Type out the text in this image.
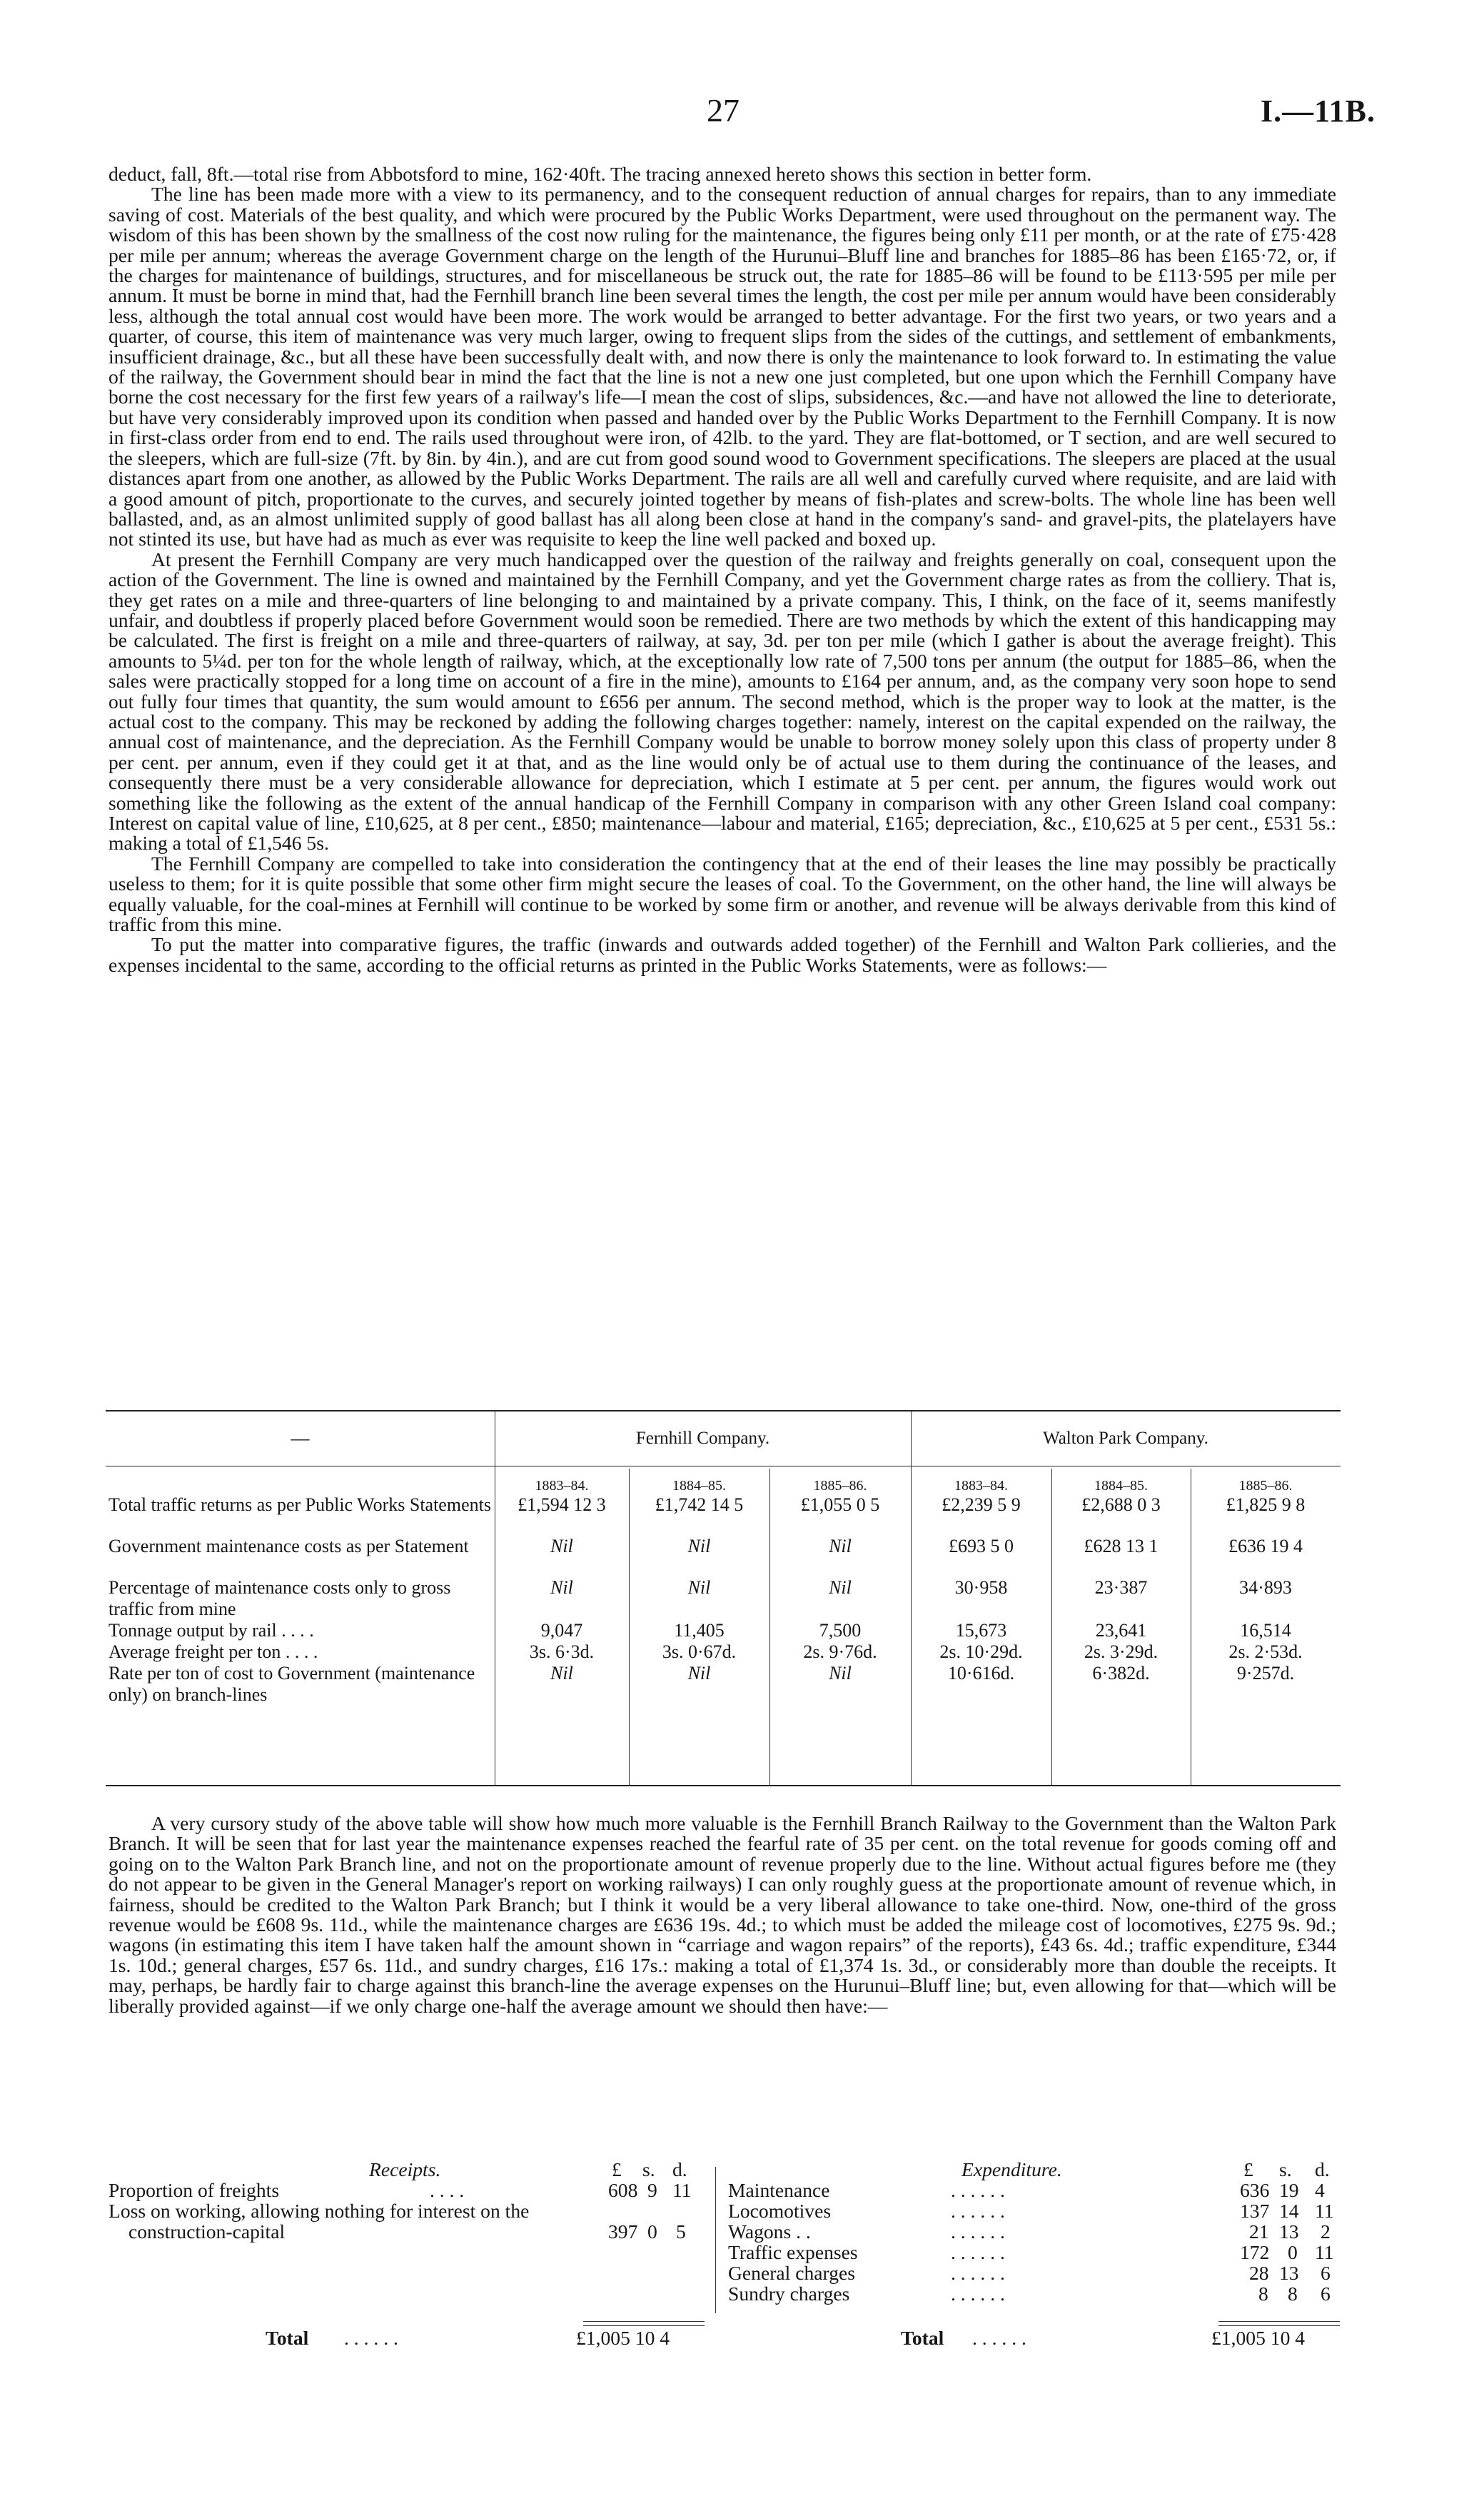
27	I.—11B.

deduct, fall, 8ft.—total rise from Abbotsford to mine, 162·40ft. The tracing annexed hereto shows this section in better form.

The line has been made more with a view to its permanency, and to the consequent reduction of annual charges for repairs, than to any immediate saving of cost. Materials of the best quality, and which were procured by the Public Works Department, were used throughout on the permanent way. The wisdom of this has been shown by the smallness of the cost now ruling for the maintenance, the figures being only £11 per month, or at the rate of £75·428 per mile per annum; whereas the average Government charge on the length of the Hurunui–Bluff line and branches for 1885–86 has been £165·72, or, if the charges for maintenance of buildings, structures, and for miscellaneous be struck out, the rate for 1885–86 will be found to be £113·595 per mile per annum. It must be borne in mind that, had the Fernhill branch line been several times the length, the cost per mile per annum would have been considerably less, although the total annual cost would have been more. The work would be arranged to better advantage. For the first two years, or two years and a quarter, of course, this item of maintenance was very much larger, owing to frequent slips from the sides of the cuttings, and settlement of embankments, insufficient drainage, &c., but all these have been successfully dealt with, and now there is only the maintenance to look forward to. In estimating the value of the railway, the Government should bear in mind the fact that the line is not a new one just completed, but one upon which the Fernhill Company have borne the cost necessary for the first few years of a railway's life—I mean the cost of slips, subsidences, &c.—and have not allowed the line to deteriorate, but have very considerably improved upon its condition when passed and handed over by the Public Works Department to the Fernhill Company. It is now in first-class order from end to end. The rails used throughout were iron, of 42lb. to the yard. They are flat-bottomed, or T section, and are well secured to the sleepers, which are full-size (7ft. by 8in. by 4in.), and are cut from good sound wood to Government specifications. The sleepers are placed at the usual distances apart from one another, as allowed by the Public Works Department. The rails are all well and carefully curved where requisite, and are laid with a good amount of pitch, proportionate to the curves, and securely jointed together by means of fish-plates and screw-bolts. The whole line has been well ballasted, and, as an almost unlimited supply of good ballast has all along been close at hand in the company's sand- and gravel-pits, the platelayers have not stinted its use, but have had as much as ever was requisite to keep the line well packed and boxed up.

At present the Fernhill Company are very much handicapped over the question of the railway and freights generally on coal, consequent upon the action of the Government. The line is owned and maintained by the Fernhill Company, and yet the Government charge rates as from the colliery. That is, they get rates on a mile and three-quarters of line belonging to and maintained by a private company. This, I think, on the face of it, seems manifestly unfair, and doubtless if properly placed before Government would soon be remedied. There are two methods by which the extent of this handicapping may be calculated. The first is freight on a mile and three-quarters of railway, at say, 3d. per ton per mile (which I gather is about the average freight). This amounts to 5¼d. per ton for the whole length of railway, which, at the exceptionally low rate of 7,500 tons per annum (the output for 1885–86, when the sales were practically stopped for a long time on account of a fire in the mine), amounts to £164 per annum, and, as the company very soon hope to send out fully four times that quantity, the sum would amount to £656 per annum. The second method, which is the proper way to look at the matter, is the actual cost to the company. This may be reckoned by adding the following charges together: namely, interest on the capital expended on the railway, the annual cost of maintenance, and the depreciation. As the Fernhill Company would be unable to borrow money solely upon this class of property under 8 per cent. per annum, even if they could get it at that, and as the line would only be of actual use to them during the continuance of the leases, and consequently there must be a very considerable allowance for depreciation, which I estimate at 5 per cent. per annum, the figures would work out something like the following as the extent of the annual handicap of the Fernhill Company in comparison with any other Green Island coal company: Interest on capital value of line, £10,625, at 8 per cent., £850; maintenance—labour and material, £165; depreciation, &c., £10,625 at 5 per cent., £531 5s.: making a total of £1,546 5s.

The Fernhill Company are compelled to take into consideration the contingency that at the end of their leases the line may possibly be practically useless to them; for it is quite possible that some other firm might secure the leases of coal. To the Government, on the other hand, the line will always be equally valuable, for the coal-mines at Fernhill will continue to be worked by some firm or another, and revenue will be always derivable from this kind of traffic from this mine.

To put the matter into comparative figures, the traffic (inwards and outwards added together) of the Fernhill and Walton Park collieries, and the expenses incidental to the same, according to the official returns as printed in the Public Works Statements, were as follows:—

—	Fernhill Company.			Walton Park Company.		
	1883–84.	1884–85.	1885–86.	1883–84.	1884–85.	1885–86.
Total traffic returns as per Public Works Statements	£1,594 12 3	£1,742 14 5	£1,055 0 5	£2,239 5 9	£2,688 0 3	£1,825 9 8
Government maintenance costs as per Statement	Nil	Nil	Nil	£693 5 0	£628 13 1	£636 19 4
Percentage of maintenance costs only to gross traffic from mine	Nil	Nil	Nil	30·958	23·387	34·893
Tonnage output by rail . . . .	9,047	11,405	7,500	15,673	23,641	16,514
Average freight per ton . . . .	3s. 6·3d.	3s. 0·67d.	2s. 9·76d.	2s. 10·29d.	2s. 3·29d.	2s. 2·53d.
Rate per ton of cost to Government (maintenance only) on branch-lines	Nil	Nil	Nil	10·616d.	6·382d.	9·257d.

A very cursory study of the above table will show how much more valuable is the Fernhill Branch Railway to the Government than the Walton Park Branch. It will be seen that for last year the maintenance expenses reached the fearful rate of 35 per cent. on the total revenue for goods coming off and going on to the Walton Park Branch line, and not on the proportionate amount of revenue properly due to the line. Without actual figures before me (they do not appear to be given in the General Manager's report on working railways) I can only roughly guess at the proportionate amount of revenue which, in fairness, should be credited to the Walton Park Branch; but I think it would be a very liberal allowance to take one-third. Now, one-third of the gross revenue would be £608 9s. 11d., while the maintenance charges are £636 19s. 4d.; to which must be added the mileage cost of locomotives, £275 9s. 9d.; wagons (in estimating this item I have taken half the amount shown in “carriage and wagon repairs” of the reports), £43 6s. 4d.; traffic expenditure, £344 1s. 10d.; general charges, £57 6s. 11d., and sundry charges, £16 17s.: making a total of £1,374 1s. 3d., or considerably more than double the receipts. It may, perhaps, be hardly fair to charge against this branch-line the average expenses on the Hurunui–Bluff line; but, even allowing for that—which will be liberally provided against—if we only charge one-half the average amount we should then have:—

Receipts.	£ s. d.
Proportion of freights	. . . .	608 9 11
Loss on working, allowing nothing for interest on the construction-capital	397 0 5
Total . . . . . .	£1,005 10 4
Expenditure.	£ s. d.
Maintenance	. . . . . .	636 19 4
Locomotives	. . . . . .	137 14 11
Wagons . .	. . . . . .	21 13 2
Traffic expenses	. . . . . .	172 0 11
General charges	. . . . . .	28 13 6
Sundry charges	. . . . . .	8 8 6
Total . . . . . .	£1,005 10 4
